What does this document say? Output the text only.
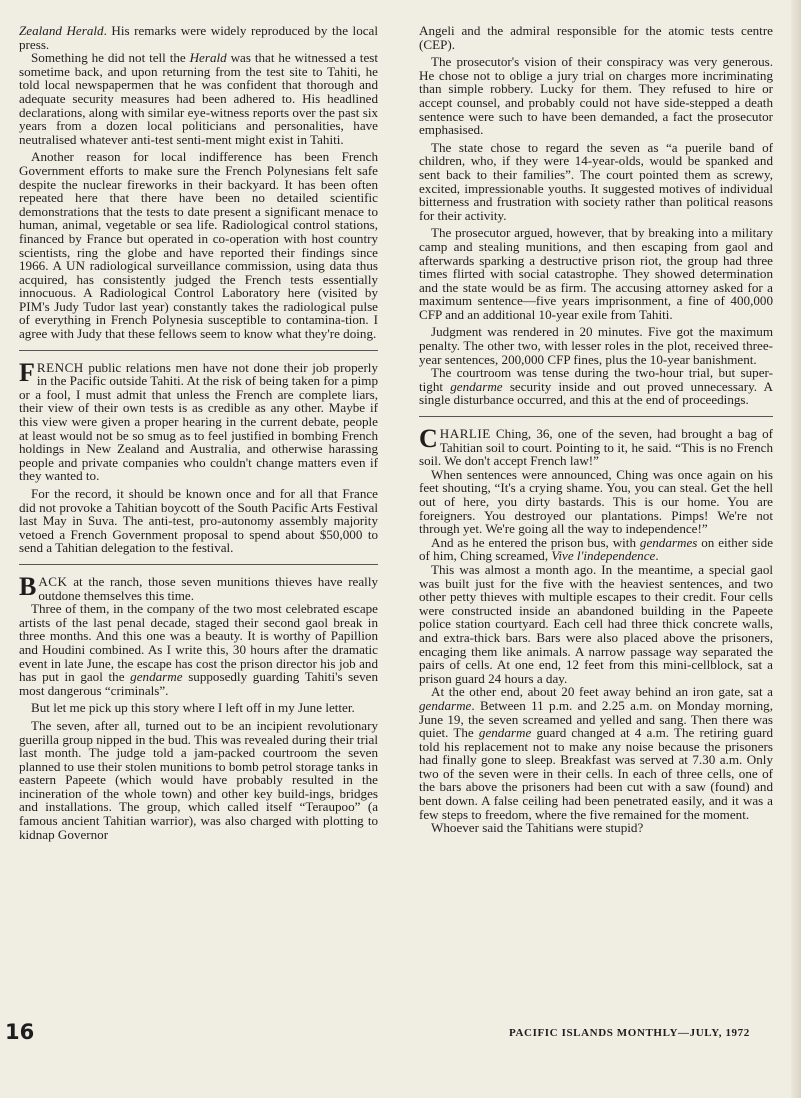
Zealand Herald. His remarks were widely reproduced by the local press.

Something he did not tell the Herald was that he witnessed a test sometime back, and upon returning from the test site to Tahiti, he told local newspapermen that he was confident that thorough and adequate security measures had been adhered to. His headlined declarations, along with similar eye-witness reports over the past six years from a dozen local politicians and personalities, have neutralised whatever anti-test senti-ment might exist in Tahiti.

Another reason for local indifference has been French Government efforts to make sure the French Polynesians felt safe despite the nuclear fireworks in their backyard. It has been often repeated here that there have been no detailed scientific demonstrations that the tests to date present a significant menace to human, animal, vegetable or sea life. Radiological control stations, financed by France but operated in co-operation with host country scientists, ring the globe and have reported their findings since 1966. A UN radiological surveillance commission, using data thus acquired, has consistently judged the French tests essentially innocuous. A Radiological Control Laboratory here (visited by PIM's Judy Tudor last year) constantly takes the radiological pulse of everything in French Polynesia susceptible to contamina-tion. I agree with Judy that these fellows seem to know what they're doing.

FRENCH public relations men have not done their job properly in the Pacific outside Tahiti. At the risk of being taken for a pimp or a fool, I must admit that unless the French are complete liars, their view of their own tests is as credible as any other. Maybe if this view were given a proper hearing in the current debate, people at least would not be so smug as to feel justified in bombing French holdings in New Zealand and Australia, and otherwise harassing people and private companies who couldn't change matters even if they wanted to.

For the record, it should be known once and for all that France did not provoke a Tahitian boycott of the South Pacific Arts Festival last May in Suva. The anti-test, pro-autonomy assembly majority vetoed a French Government proposal to spend about $50,000 to send a Tahitian delegation to the festival.

BACK at the ranch, those seven munitions thieves have really outdone themselves this time.

Three of them, in the company of the two most celebrated escape artists of the last penal decade, staged their second gaol break in three months. And this one was a beauty. It is worthy of Papillion and Houdini combined. As I write this, 30 hours after the dramatic event in late June, the escape has cost the prison director his job and has put in gaol the gendarme supposedly guarding Tahiti's seven most dangerous “criminals”.

But let me pick up this story where I left off in my June letter.

The seven, after all, turned out to be an incipient revolutionary guerilla group nipped in the bud. This was revealed during their trial last month. The judge told a jam-packed courtroom the seven planned to use their stolen munitions to bomb petrol storage tanks in eastern Papeete (which would have probably resulted in the incineration of the whole town) and other key build-ings, bridges and installations. The group, which called itself “Teraupoo” (a famous ancient Tahitian warrior), was also charged with plotting to kidnap Governor

Angeli and the admiral responsible for the atomic tests centre (CEP).

The prosecutor's vision of their conspiracy was very generous. He chose not to oblige a jury trial on charges more incriminating than simple robbery. Lucky for them. They refused to hire or accept counsel, and probably could not have side-stepped a death sentence were such to have been demanded, a fact the prosecutor emphasised.

The state chose to regard the seven as “a puerile band of children, who, if they were 14-year-olds, would be spanked and sent back to their families”. The court pointed them as screwy, excited, impressionable youths. It suggested motives of individual bitterness and frustration with society rather than political reasons for their activity.

The prosecutor argued, however, that by breaking into a military camp and stealing munitions, and then escaping from gaol and afterwards sparking a destructive prison riot, the group had three times flirted with social catastrophe. They showed determination and the state would be as firm. The accusing attorney asked for a maximum sentence—five years imprisonment, a fine of 400,000 CFP and an additional 10-year exile from Tahiti.

Judgment was rendered in 20 minutes. Five got the maximum penalty. The other two, with lesser roles in the plot, received three-year sentences, 200,000 CFP fines, plus the 10-year banishment.

The courtroom was tense during the two-hour trial, but super-tight gendarme security inside and out proved unnecessary. A single disturbance occurred, and this at the end of proceedings.

CHARLIE Ching, 36, one of the seven, had brought a bag of Tahitian soil to court. Pointing to it, he said. “This is no French soil. We don't accept French law!”

When sentences were announced, Ching was once again on his feet shouting, “It's a crying shame. You, you can steal. Get the hell out of here, you dirty bastards. This is our home. You are foreigners. You destroyed our plantations. Pimps! We're not through yet. We're going all the way to independence!”

And as he entered the prison bus, with gendarmes on either side of him, Ching screamed, Vive l'independence.

This was almost a month ago. In the meantime, a special gaol was built just for the five with the heaviest sentences, and two other petty thieves with multiple escapes to their credit. Four cells were constructed inside an abandoned building in the Papeete police station courtyard. Each cell had three thick concrete walls, and extra-thick bars. Bars were also placed above the prisoners, encaging them like animals. A narrow passage way separated the pairs of cells. At one end, 12 feet from this mini-cellblock, sat a prison guard 24 hours a day.

At the other end, about 20 feet away behind an iron gate, sat a gendarme. Between 11 p.m. and 2.25 a.m. on Monday morning, June 19, the seven screamed and yelled and sang. Then there was quiet. The gendarme guard changed at 4 a.m. The retiring guard told his replacement not to make any noise because the prisoners had finally gone to sleep. Breakfast was served at 7.30 a.m. Only two of the seven were in their cells. In each of three cells, one of the bars above the prisoners had been cut with a saw (found) and bent down. A false ceiling had been penetrated easily, and it was a few steps to freedom, where the five remained for the moment.

Whoever said the Tahitians were stupid?

16	PACIFIC ISLANDS MONTHLY—JULY, 1972
